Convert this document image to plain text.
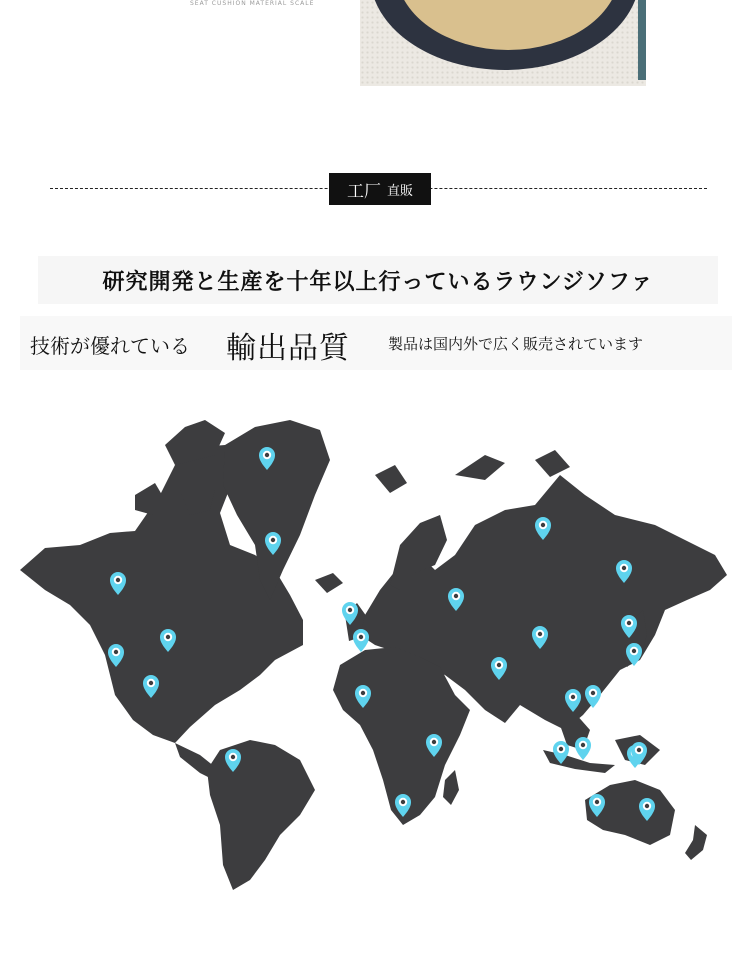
SEAT CUSHION MATERIAL SCALE
工厂 直販
研究開発と生産を十年以上行っているラウンジソファ
技術が優れている 輸出品質	製品は国内外で広く販売されています
